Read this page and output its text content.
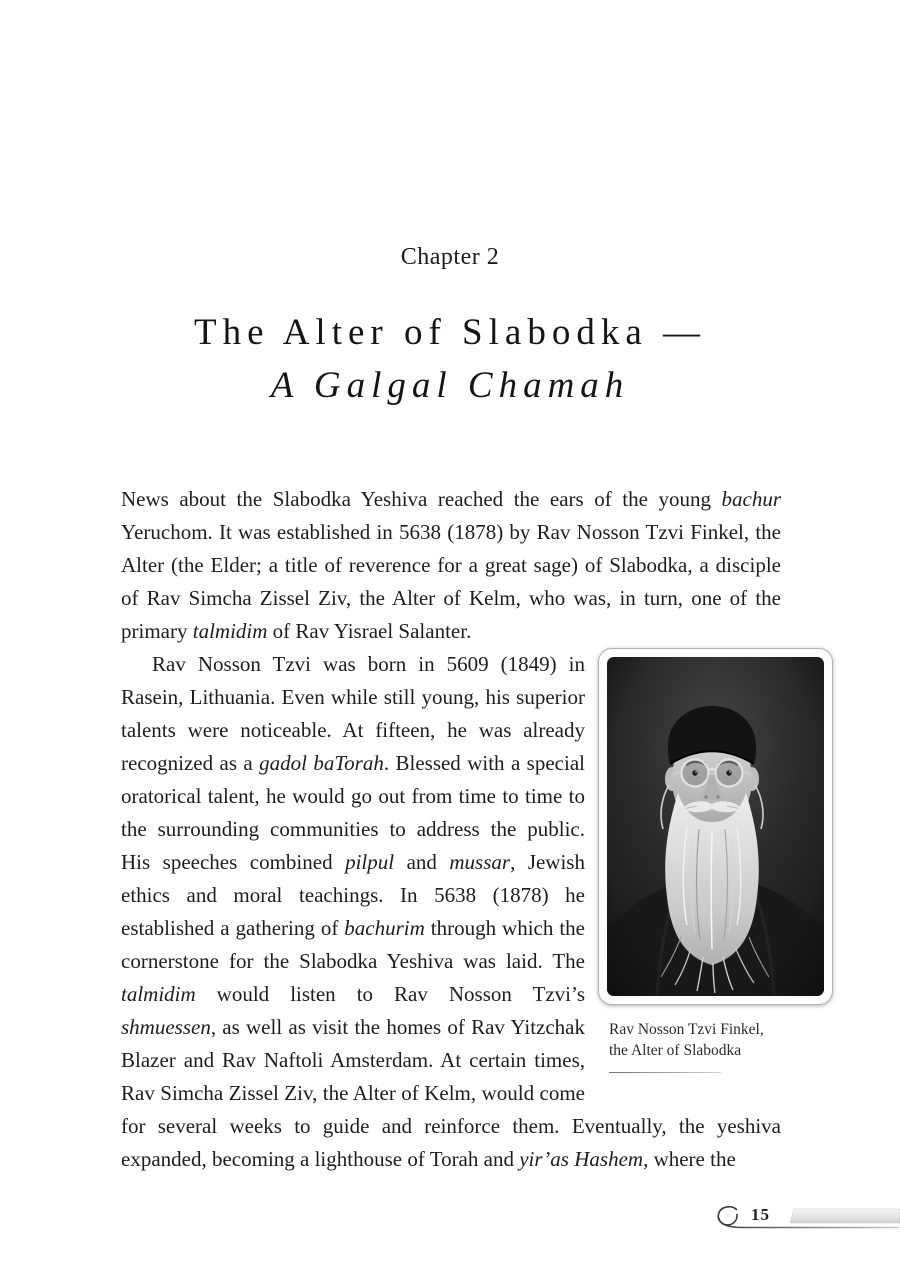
Chapter 2
The Alter of Slabodka —
A Galgal Chamah
News about the Slabodka Yeshiva reached the ears of the young bachur Yeruchom. It was established in 5638 (1878) by Rav Nosson Tzvi Finkel, the Alter (the Elder; a title of reverence for a great sage) of Slabodka, a disciple of Rav Simcha Zissel Ziv, the Alter of Kelm, who was, in turn, one of the primary talmidim of Rav Yisrael Salanter.
Rav Nosson Tzvi Finkel,
the Alter of Slabodka
Rav Nosson Tzvi was born in 5609 (1849) in Rasein, Lithuania. Even while still young, his superior talents were noticeable. At fifteen, he was already recognized as a gadol baTorah. Blessed with a special oratorical talent, he would go out from time to time to the surrounding communities to address the public. His speeches combined pilpul and mussar, Jewish ethics and moral teachings. In 5638 (1878) he established a gathering of bachurim through which the cornerstone for the Slabodka Yeshiva was laid. The talmidim would listen to Rav Nosson Tzvi’s shmuessen, as well as visit the homes of Rav Yitzchak Blazer and Rav Naftoli Amsterdam. At certain times, Rav Simcha Zissel Ziv, the Alter of Kelm, would come for several weeks to guide and reinforce them. Eventually, the yeshiva expanded, becoming a lighthouse of Torah and yir’as Hashem, where the
15
